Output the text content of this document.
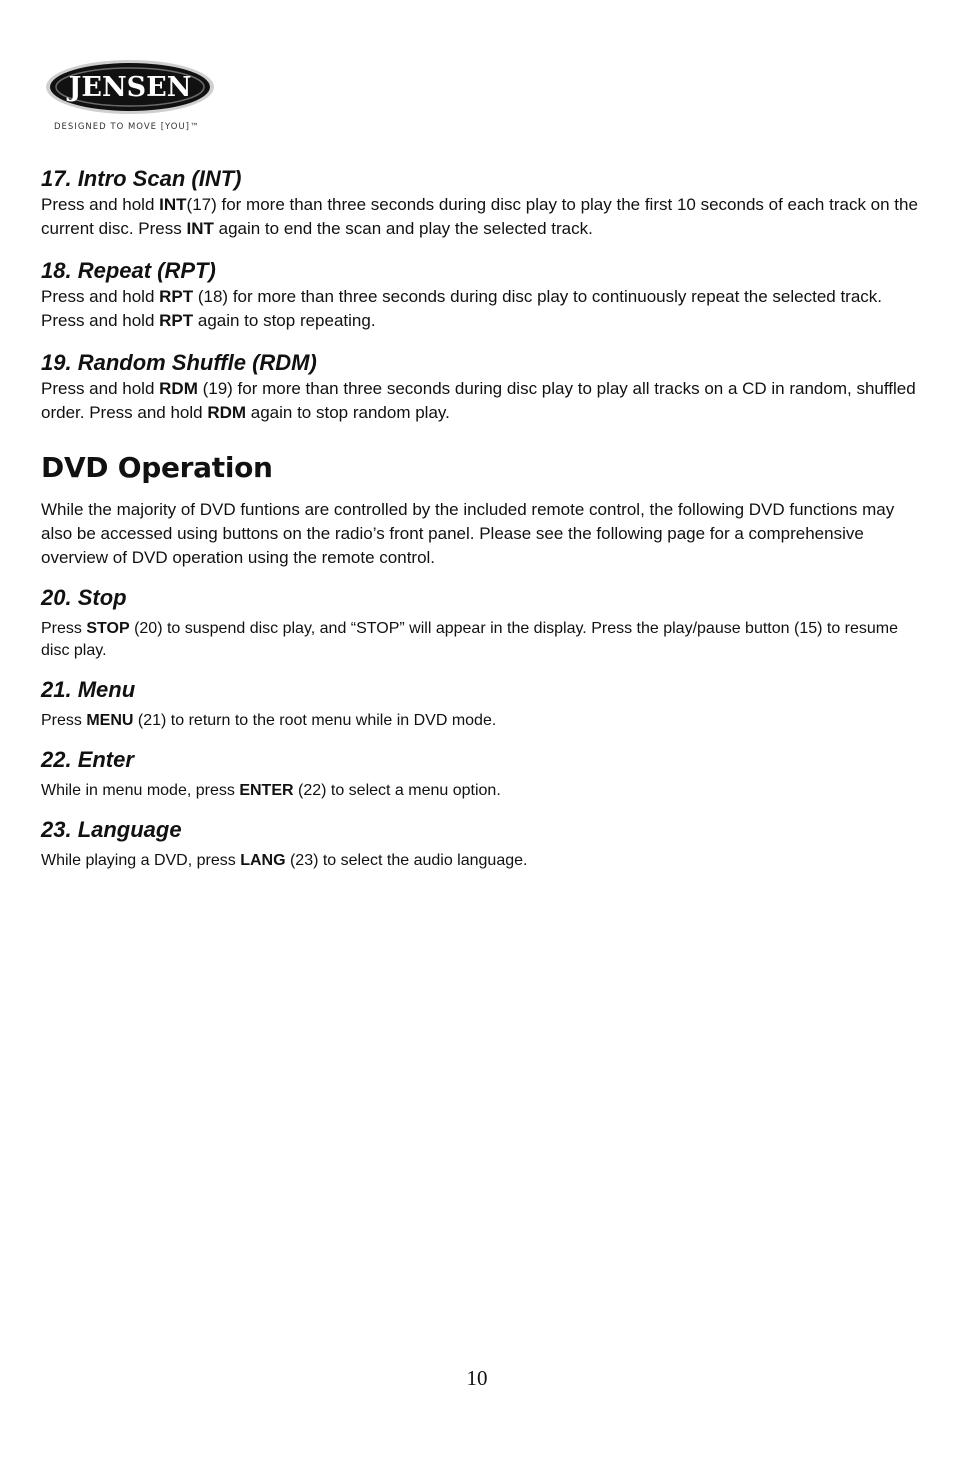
JENSEN
DESIGNED TO MOVE [YOU]™
17. Intro Scan (INT)

Press and hold INT(17) for more than three seconds during disc play to play the first 10 seconds of each track on the current disc. Press INT again to end the scan and play the selected track.

18. Repeat (RPT)

Press and hold RPT (18) for more than three seconds during disc play to continuously repeat the selected track. Press and hold RPT again to stop repeating.

19. Random Shuffle (RDM)

Press and hold RDM (19) for more than three seconds during disc play to play all tracks on a CD in random, shuffled order. Press and hold RDM again to stop random play.

DVD Operation

While the majority of DVD funtions are controlled by the included remote control, the following DVD functions may also be accessed using buttons on the radio’s front panel. Please see the following page for a comprehensive overview of DVD operation using the remote control.

20. Stop

Press STOP (20) to suspend disc play, and “STOP” will appear in the display. Press the play/pause button (15) to resume disc play.

21. Menu

Press MENU (21) to return to the root menu while in DVD mode.

22. Enter

While in menu mode, press ENTER (22) to select a menu option.

23. Language

While playing a DVD, press LANG (23) to select the audio language.

10
